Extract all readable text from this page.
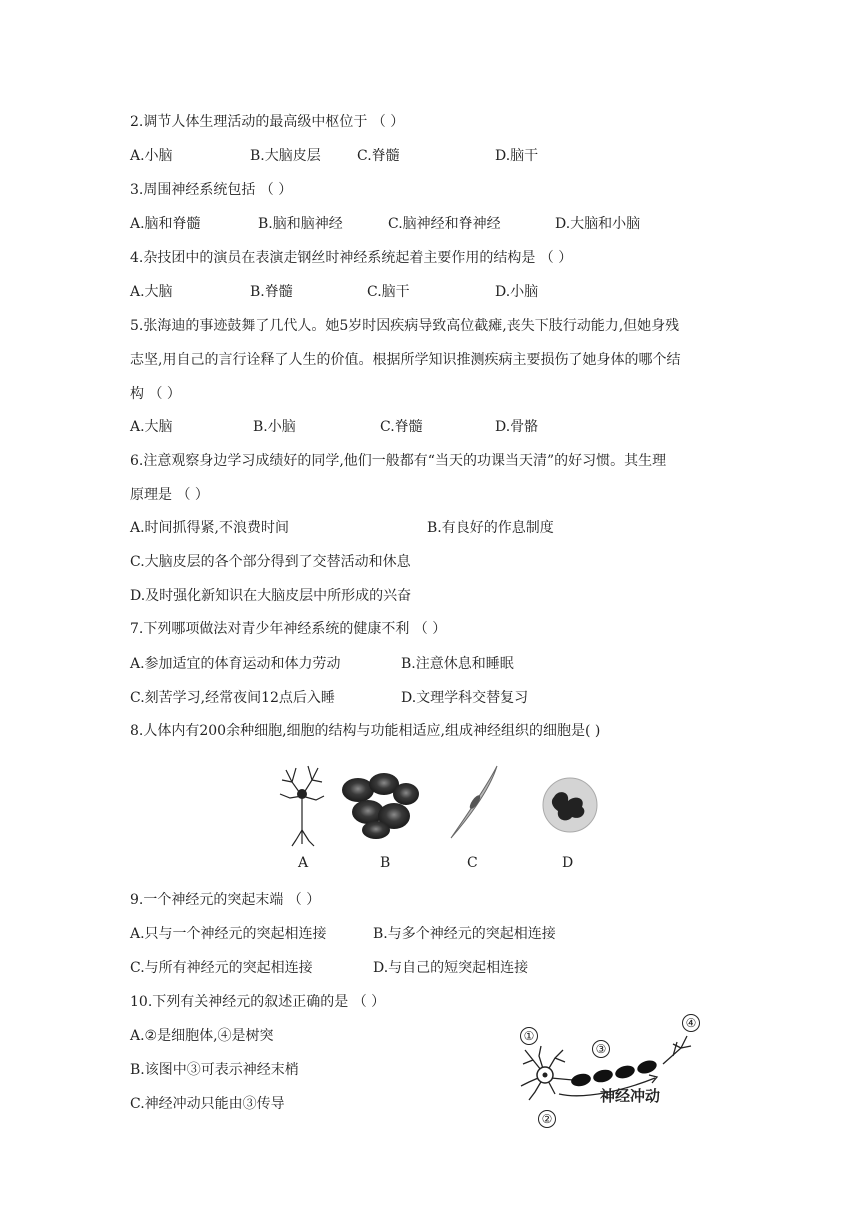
2.调节人体生理活动的最高级中枢位于 （ ）
A.小脑	B.大脑皮层	C.脊髓	D.脑干
3.周围神经系统包括 （ ）
A.脑和脊髓	B.脑和脑神经	C.脑神经和脊神经	D.大脑和小脑
4.杂技团中的演员在表演走钢丝时神经系统起着主要作用的结构是 （ ）
A.大脑	B.脊髓	C.脑干	D.小脑
5.张海迪的事迹鼓舞了几代人。她5岁时因疾病导致高位截瘫,丧失下肢行动能力,但她身残
志坚,用自己的言行诠释了人生的价值。根据所学知识推测疾病主要损伤了她身体的哪个结
构 （ ）
A.大脑	B.小脑	C.脊髓	D.骨骼
6.注意观察身边学习成绩好的同学,他们一般都有“当天的功课当天清”的好习惯。其生理
原理是 （ ）
A.时间抓得紧,不浪费时间	B.有良好的作息制度
C.大脑皮层的各个部分得到了交替活动和休息
D.及时强化新知识在大脑皮层中所形成的兴奋
7.下列哪项做法对青少年神经系统的健康不利 （ ）
A.参加适宜的体育运动和体力劳动	B.注意休息和睡眠
C.刻苦学习,经常夜间12点后入睡	D.文理学科交替复习
8.人体内有200余种细胞,细胞的结构与功能相适应,组成神经组织的细胞是( )
A	B	C	D
9.一个神经元的突起末端 （ ）
A.只与一个神经元的突起相连接	B.与多个神经元的突起相连接
C.与所有神经元的突起相连接	D.与自己的短突起相连接
10.下列有关神经元的叙述正确的是 （ ）
A.②是细胞体,④是树突
B.该图中③可表示神经末梢
C.神经冲动只能由③传导
①
②
③
④
神经冲动
